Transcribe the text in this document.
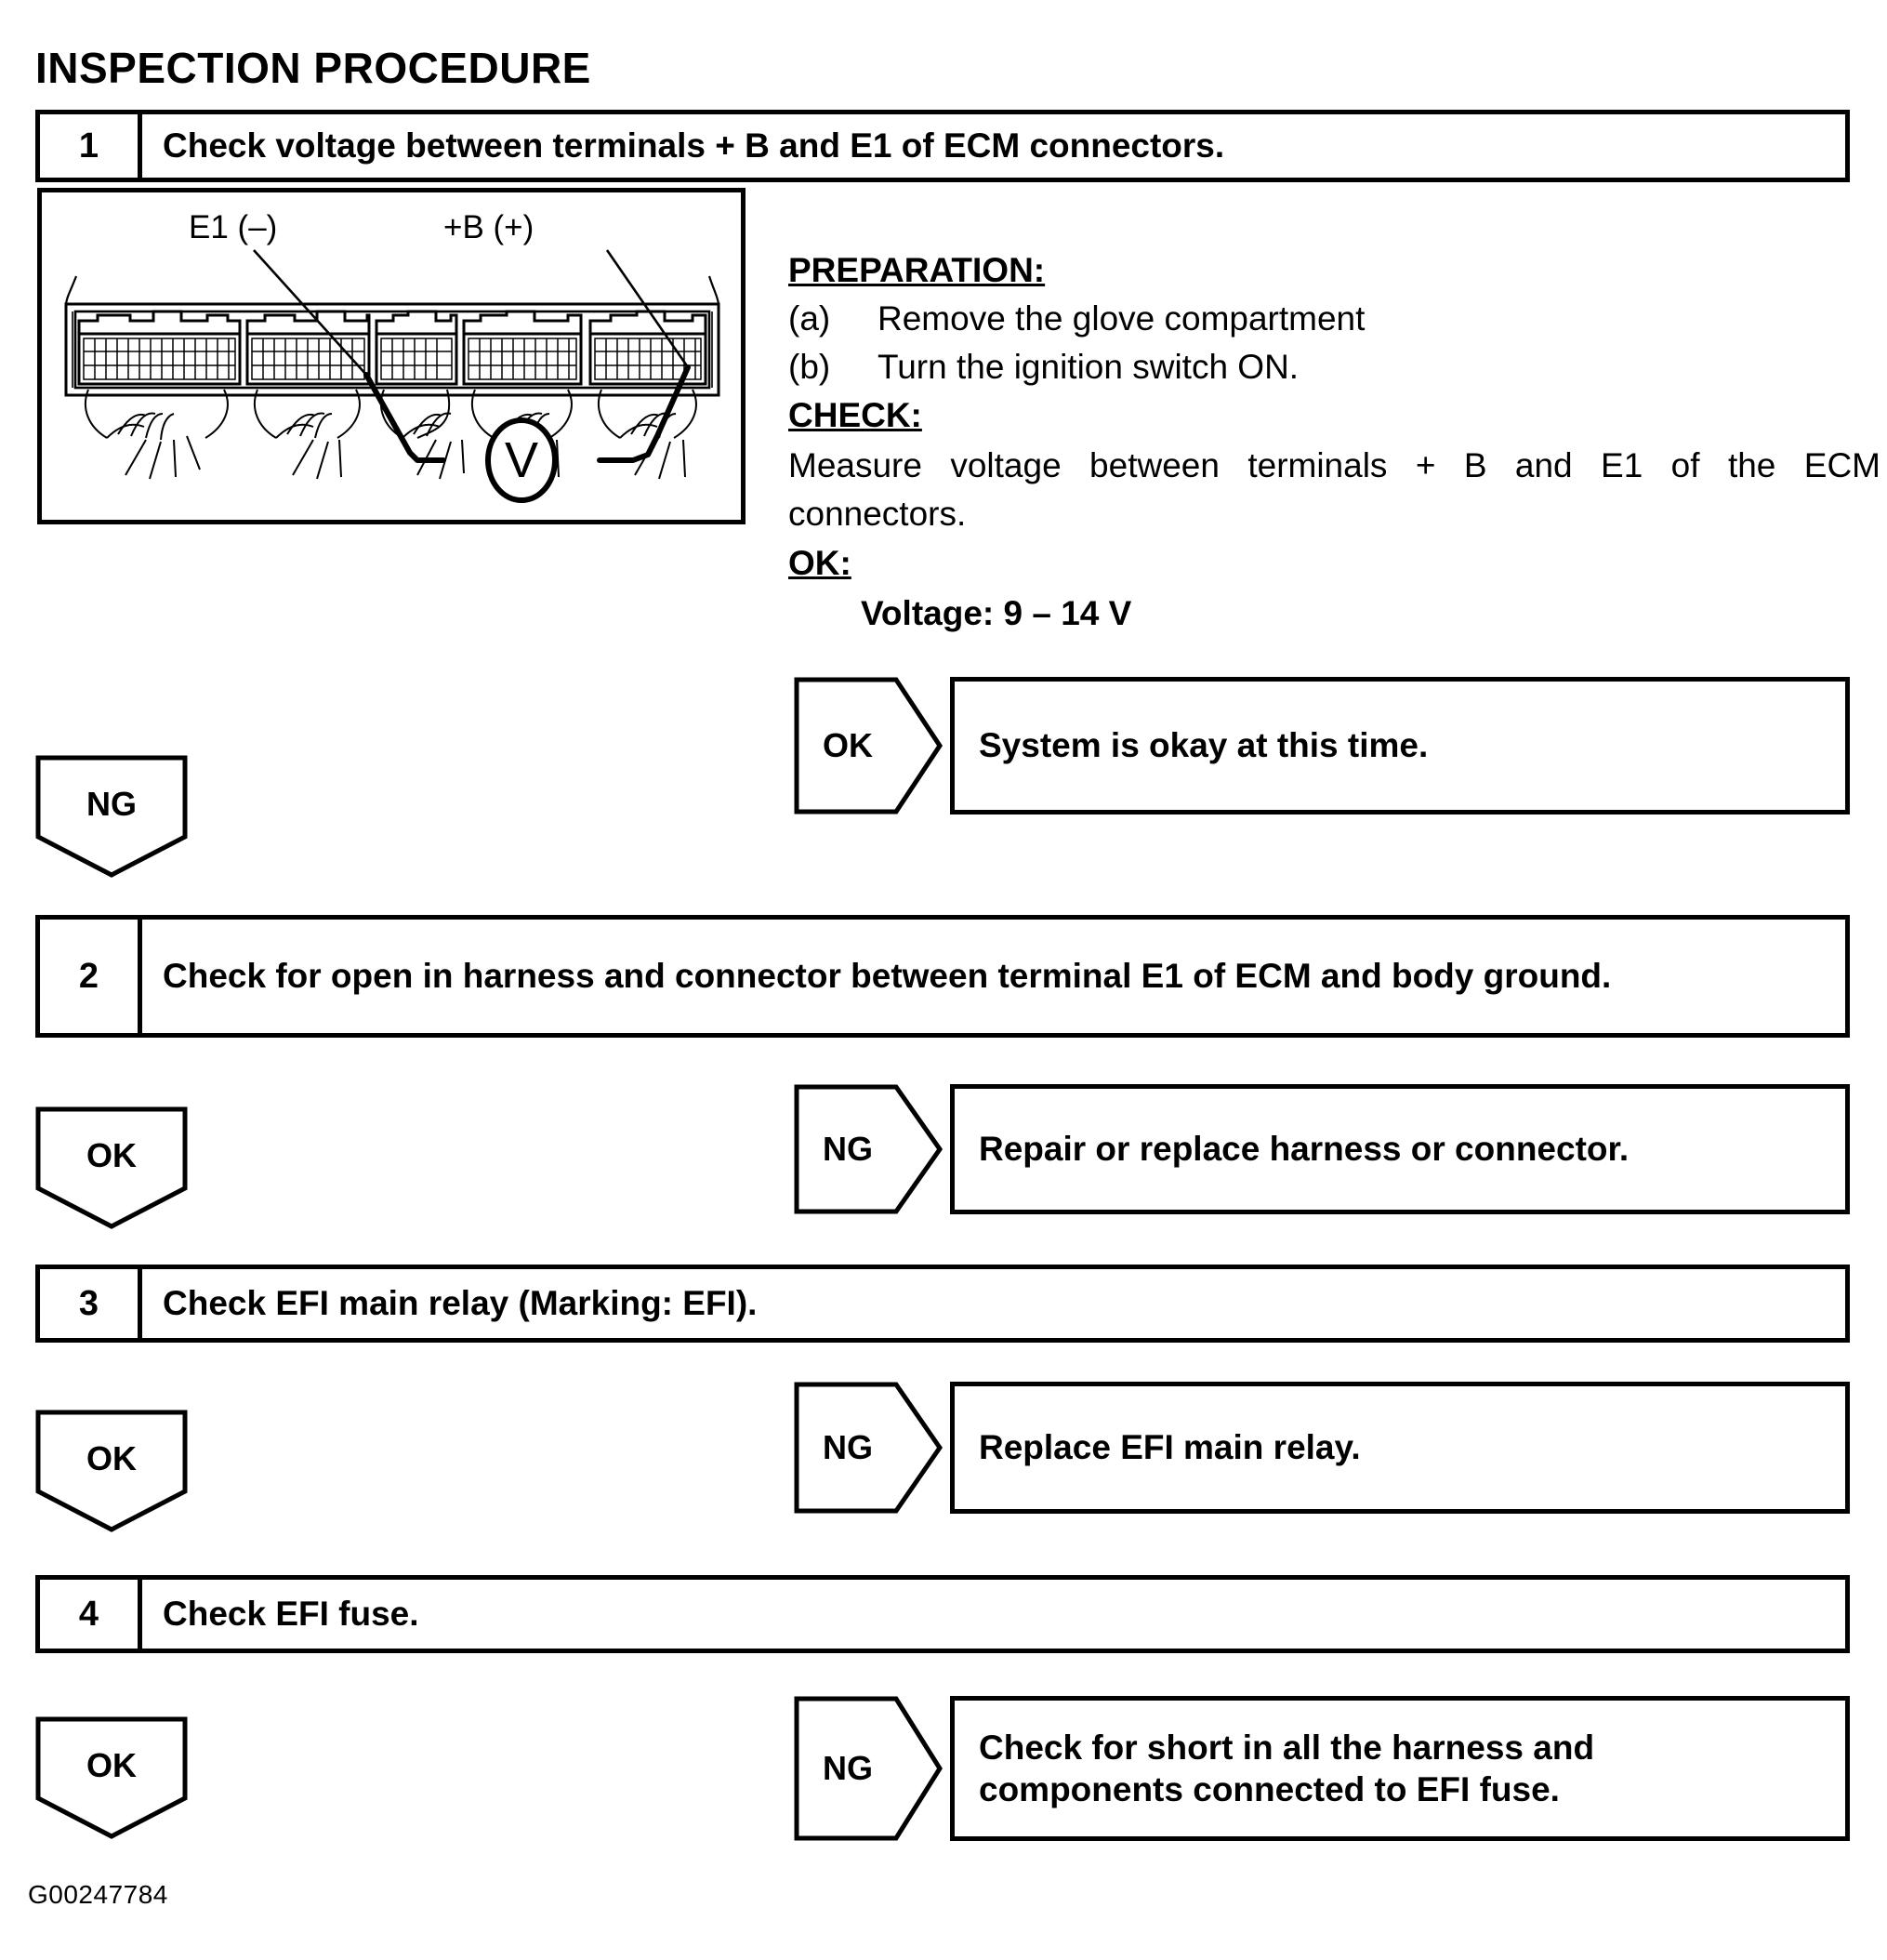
INSPECTION PROCEDURE
1	Check voltage between terminals + B and E1 of ECM connectors.
E1 (–)	+B (+)
V
PREPARATION:
(a)	Remove the glove compartment
(b)	Turn the ignition switch ON.
CHECK:
Measure voltage between terminals + B and E1 of the ECM connectors.
OK:
Voltage: 9 – 14 V
OK	System is okay at this time.
NG
2	Check for open in harness and connector between terminal E1 of ECM and body ground.
OK	NG	Repair or replace harness or connector.
3	Check EFI main relay (Marking: EFI).
OK	NG	Replace EFI main relay.
4	Check EFI fuse.
OK	NG
Check for short in all the harness and
components connected to EFI fuse.
G00247784
